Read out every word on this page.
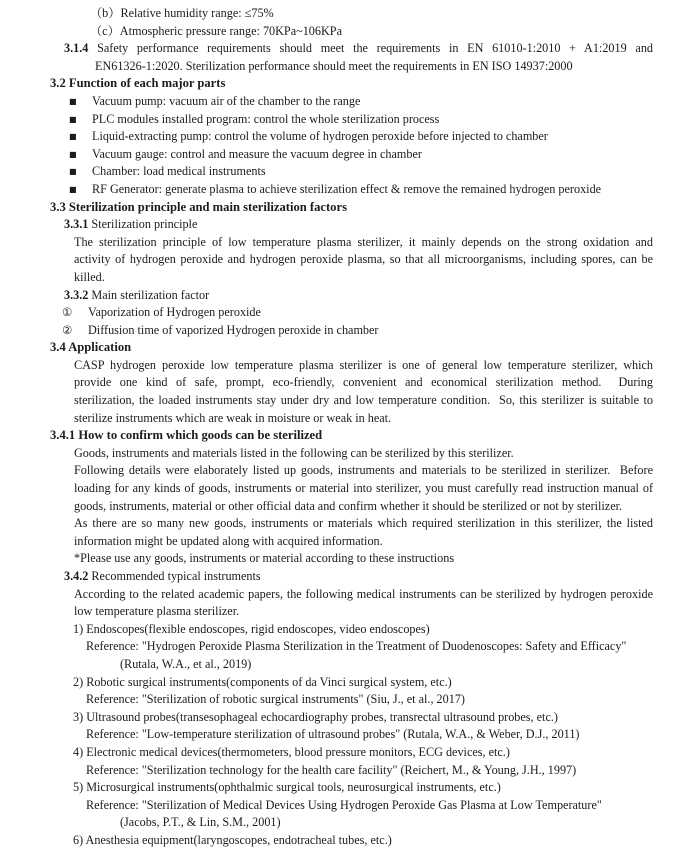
（b）Relative humidity range: ≤75%
（c）Atmospheric pressure range: 70KPa~106KPa
3.1.4 Safety performance requirements should meet the requirements in EN 61010-1:2010 + A1:2019 and
EN61326-1:2020. Sterilization performance should meet the requirements in EN ISO 14937:2000
3.2 Function of each major parts
■ Vacuum pump: vacuum air of the chamber to the range
■ PLC modules installed program: control the whole sterilization process
■ Liquid-extracting pump: control the volume of hydrogen peroxide before injected to chamber
■ Vacuum gauge: control and measure the vacuum degree in chamber
■ Chamber: load medical instruments
■ RF Generator: generate plasma to achieve sterilization effect & remove the remained hydrogen peroxide
3.3 Sterilization principle and main sterilization factors
3.3.1 Sterilization principle
The sterilization principle of low temperature plasma sterilizer, it mainly depends on the strong oxidation and
activity of hydrogen peroxide and hydrogen peroxide plasma, so that all microorganisms, including spores, can be
killed.
3.3.2 Main sterilization factor
① Vaporization of Hydrogen peroxide
② Diffusion time of vaporized Hydrogen peroxide in chamber
3.4 Application
CASP hydrogen peroxide low temperature plasma sterilizer is one of general low temperature sterilizer, which
provide one kind of safe, prompt, eco-friendly, convenient and economical sterilization method.  During
sterilization, the loaded instruments stay under dry and low temperature condition.  So, this sterilizer is suitable to
sterilize instruments which are weak in moisture or weak in heat.
3.4.1 How to confirm which goods can be sterilized
Goods, instruments and materials listed in the following can be sterilized by this sterilizer.
Following details were elaborately listed up goods, instruments and materials to be sterilized in sterilizer.  Before
loading for any kinds of goods, instruments or material into sterilizer, you must carefully read instruction manual of
goods, instruments, material or other official data and confirm whether it should be sterilized or not by sterilizer.
As there are so many new goods, instruments or materials which required sterilization in this sterilizer, the listed
information might be updated along with acquired information.
*Please use any goods, instruments or material according to these instructions
3.4.2 Recommended typical instruments
According to the related academic papers, the following medical instruments can be sterilized by hydrogen peroxide
low temperature plasma sterilizer.
1) Endoscopes(flexible endoscopes, rigid endoscopes, video endoscopes)
Reference: "Hydrogen Peroxide Plasma Sterilization in the Treatment of Duodenoscopes: Safety and Efficacy"
(Rutala, W.A., et al., 2019)
2) Robotic surgical instruments(components of da Vinci surgical system, etc.)
Reference: "Sterilization of robotic surgical instruments" (Siu, J., et al., 2017)
3) Ultrasound probes(transesophageal echocardiography probes, transrectal ultrasound probes, etc.)
Reference: "Low-temperature sterilization of ultrasound probes" (Rutala, W.A., & Weber, D.J., 2011)
4) Electronic medical devices(thermometers, blood pressure monitors, ECG devices, etc.)
Reference: "Sterilization technology for the health care facility" (Reichert, M., & Young, J.H., 1997)
5) Microsurgical instruments(ophthalmic surgical tools, neurosurgical instruments, etc.)
Reference: "Sterilization of Medical Devices Using Hydrogen Peroxide Gas Plasma at Low Temperature"
(Jacobs, P.T., & Lin, S.M., 2001)
6) Anesthesia equipment(laryngoscopes, endotracheal tubes, etc.)
